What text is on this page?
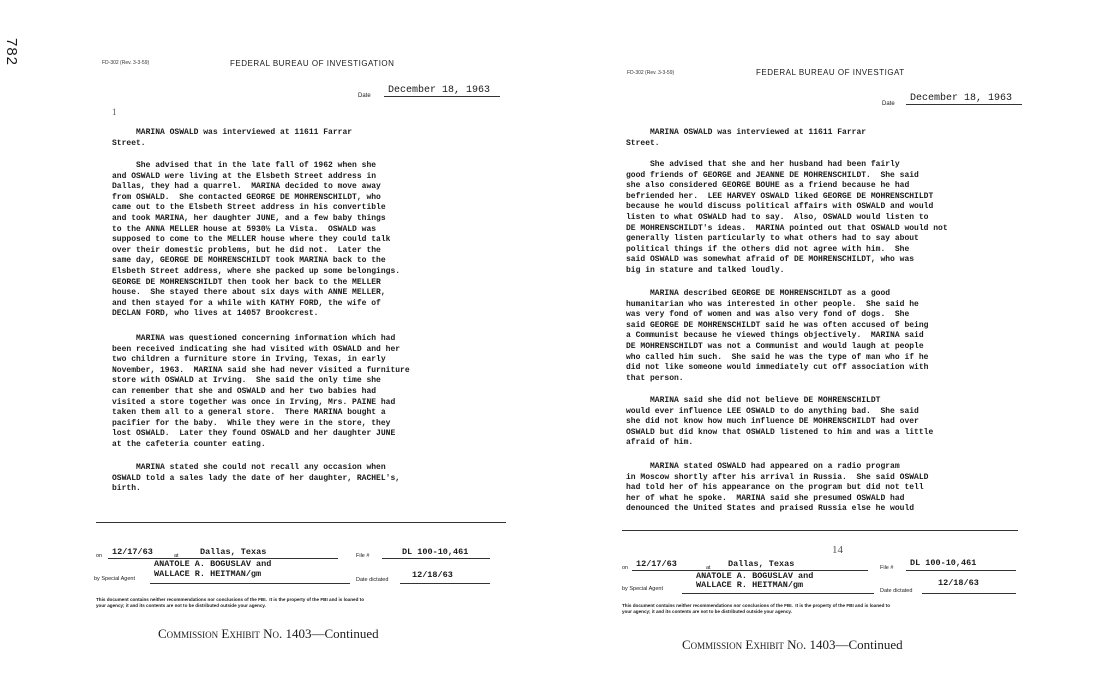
782	FD-302 (Rev. 3-3-59)	FEDERAL BUREAU OF INVESTIGATION
Date	December 18, 1963
1
MARINA OSWALD was interviewed at 11611 Farrar
Street.
She advised that in the late fall of 1962 when she
and OSWALD were living at the Elsbeth Street address in
Dallas, they had a quarrel.  MARINA decided to move away
from OSWALD.  She contacted GEORGE DE MOHRENSCHILDT, who
came out to the Elsbeth Street address in his convertible
and took MARINA, her daughter JUNE, and a few baby things
to the ANNA MELLER house at 5930½ La Vista.  OSWALD was
supposed to come to the MELLER house where they could talk
over their domestic problems, but he did not.  Later the
same day, GEORGE DE MOHRENSCHILDT took MARINA back to the
Elsbeth Street address, where she packed up some belongings.
GEORGE DE MOHRENSCHILDT then took her back to the MELLER
house.  She stayed there about six days with ANNE MELLER,
and then stayed for a while with KATHY FORD, the wife of
DECLAN FORD, who lives at 14057 Brookcrest.
MARINA was questioned concerning information which had
been received indicating she had visited with OSWALD and her
two children a furniture store in Irving, Texas, in early
November, 1963.  MARINA said she had never visited a furniture
store with OSWALD at Irving.  She said the only time she
can remember that she and OSWALD and her two babies had
visited a store together was once in Irving, Mrs. PAINE had
taken them all to a general store.  There MARINA bought a
pacifier for the baby.  While they were in the store, they
lost OSWALD.  Later they found OSWALD and her daughter JUNE
at the cafeteria counter eating.
MARINA stated she could not recall any occasion when
OSWALD told a sales lady the date of her daughter, RACHEL's,
birth.
on 12/17/63	at	Dallas, Texas	File #	DL 100-10,461
ANATOLE A. BOGUSLAV and
by Special Agent WALLACE R. HEITMAN/gm
Date dictated	12/18/63
This document contains neither recommendations nor conclusions of the FBI.  It is the property of the FBI and is loaned to
your agency; it and its contents are not to be distributed outside your agency.
Commission Exhibit No. 1403—Continued
FD-302 (Rev. 3-3-59)	FEDERAL BUREAU OF INVESTIGAT
Date	December 18, 1963
MARINA OSWALD was interviewed at 11611 Farrar
Street.
She advised that she and her husband had been fairly
good friends of GEORGE and JEANNE DE MOHRENSCHILDT.  She said
she also considered GEORGE BOUHE as a friend because he had
befriended her.  LEE HARVEY OSWALD liked GEORGE DE MOHRENSCHILDT
because he would discuss political affairs with OSWALD and would
listen to what OSWALD had to say.  Also, OSWALD would listen to
DE MOHRENSCHILDT's ideas.  MARINA pointed out that OSWALD would not
generally listen particularly to what others had to say about
political things if the others did not agree with him.  She
said OSWALD was somewhat afraid of DE MOHRENSCHILDT, who was
big in stature and talked loudly.
MARINA described GEORGE DE MOHRENSCHILDT as a good
humanitarian who was interested in other people.  She said he
was very fond of women and was also very fond of dogs.  She
said GEORGE DE MOHRENSCHILDT said he was often accused of being
a Communist because he viewed things objectively.  MARINA said
DE MOHRENSCHILDT was not a Communist and would laugh at people
who called him such.  She said he was the type of man who if he
did not like someone would immediately cut off association with
that person.
MARINA said she did not believe DE MOHRENSCHILDT
would ever influence LEE OSWALD to do anything bad.  She said
she did not know how much influence DE MOHRENSCHILDT had over
OSWALD but did know that OSWALD listened to him and was a little
afraid of him.
MARINA stated OSWALD had appeared on a radio program
in Moscow shortly after his arrival in Russia.  She said OSWALD
had told her of his appearance on the program but did not tell
her of what he spoke.  MARINA said she presumed OSWALD had
denounced the United States and praised Russia else he would
14
on 12/17/63	at Dallas, Texas	File # DL 100-10,461
ANATOLE A. BOGUSLAV and
by Special Agent	WALLACE R. HEITMAN/gm
Date dictated
12/18/63
This document contains neither recommendations nor conclusions of the FBI.  It is the property of the FBI and is loaned to
your agency; it and its contents are not to be distributed outside your agency.
Commission Exhibit No. 1403—Continued
